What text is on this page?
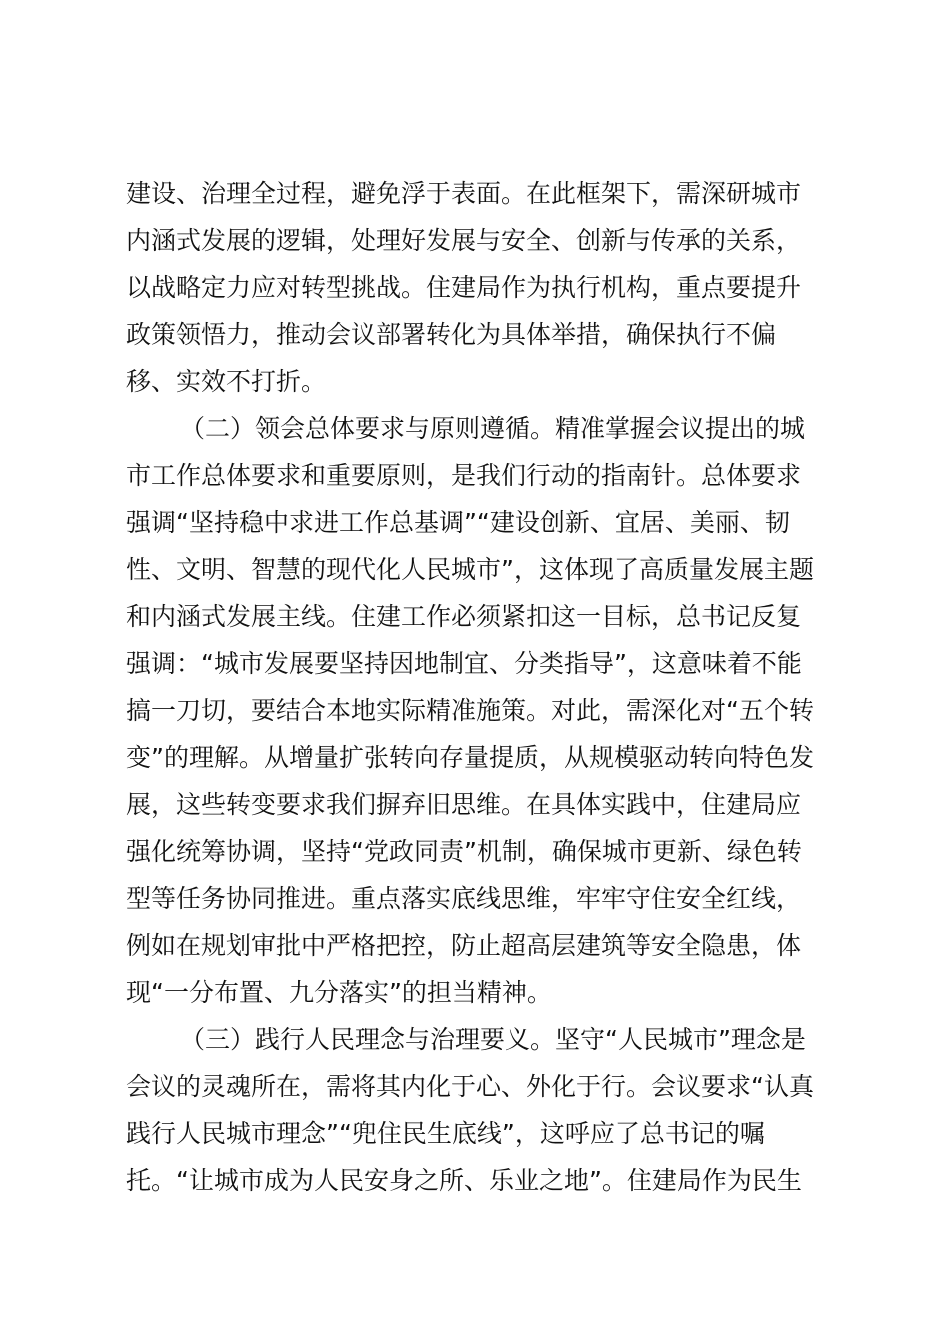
建设、治理全过程，避免浮于表面。在此框架下，需深研城市
内涵式发展的逻辑，处理好发展与安全、创新与传承的关系，
以战略定力应对转型挑战。住建局作为执行机构，重点要提升
政策领悟力，推动会议部署转化为具体举措，确保执行不偏
移、实效不打折。
（二）领会总体要求与原则遵循。精准掌握会议提出的城
市工作总体要求和重要原则，是我们行动的指南针。总体要求
强调“坚持稳中求进工作总基调”“建设创新、宜居、美丽、韧
性、文明、智慧的现代化人民城市”，这体现了高质量发展主题
和内涵式发展主线。住建工作必须紧扣这一目标，总书记反复
强调：“城市发展要坚持因地制宜、分类指导”，这意味着不能
搞一刀切，要结合本地实际精准施策。对此，需深化对“五个转
变”的理解。从增量扩张转向存量提质，从规模驱动转向特色发
展，这些转变要求我们摒弃旧思维。在具体实践中，住建局应
强化统筹协调，坚持“党政同责”机制，确保城市更新、绿色转
型等任务协同推进。重点落实底线思维，牢牢守住安全红线，
例如在规划审批中严格把控，防止超高层建筑等安全隐患，体
现“一分布置、九分落实”的担当精神。
（三）践行人民理念与治理要义。坚守“人民城市”理念是
会议的灵魂所在，需将其内化于心、外化于行。会议要求“认真
践行人民城市理念”“兜住民生底线”，这呼应了总书记的嘱
托。“让城市成为人民安身之所、乐业之地”。住建局作为民生
